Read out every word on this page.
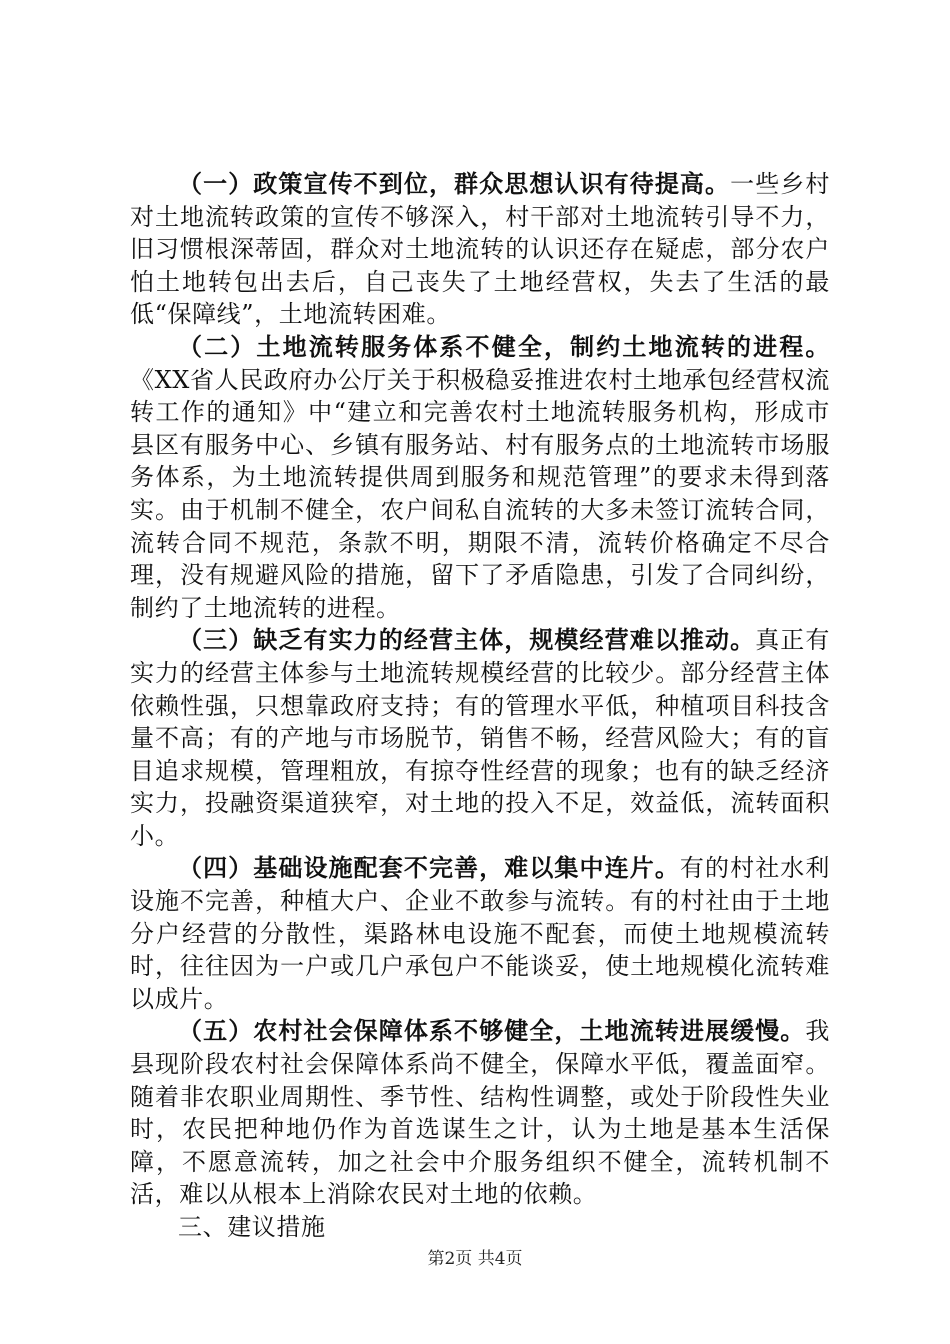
（一）政策宣传不到位，群众思想认识有待提高。一些乡村对土地流转政策的宣传不够深入，村干部对土地流转引导不力，旧习惯根深蒂固，群众对土地流转的认识还存在疑虑，部分农户怕土地转包出去后，自己丧失了土地经营权，失去了生活的最低“保障线”，土地流转困难。

（二）土地流转服务体系不健全，制约土地流转的进程。《XX省人民政府办公厅关于积极稳妥推进农村土地承包经营权流转工作的通知》中“建立和完善农村土地流转服务机构，形成市县区有服务中心、乡镇有服务站、村有服务点的土地流转市场服务体系，为土地流转提供周到服务和规范管理”的要求未得到落实。由于机制不健全，农户间私自流转的大多未签订流转合同，流转合同不规范，条款不明，期限不清，流转价格确定不尽合理，没有规避风险的措施，留下了矛盾隐患，引发了合同纠纷，制约了土地流转的进程。

（三）缺乏有实力的经营主体，规模经营难以推动。真正有实力的经营主体参与土地流转规模经营的比较少。部分经营主体依赖性强，只想靠政府支持；有的管理水平低，种植项目科技含量不高；有的产地与市场脱节，销售不畅，经营风险大；有的盲目追求规模，管理粗放，有掠夺性经营的现象；也有的缺乏经济实力，投融资渠道狭窄，对土地的投入不足，效益低，流转面积小。

（四）基础设施配套不完善，难以集中连片。有的村社水利设施不完善，种植大户、企业不敢参与流转。有的村社由于土地分户经营的分散性，渠路林电设施不配套，而使土地规模流转时，往往因为一户或几户承包户不能谈妥，使土地规模化流转难以成片。

（五）农村社会保障体系不够健全，土地流转进展缓慢。我县现阶段农村社会保障体系尚不健全，保障水平低，覆盖面窄。随着非农职业周期性、季节性、结构性调整，或处于阶段性失业时，农民把种地仍作为首选谋生之计，认为土地是基本生活保障，不愿意流转，加之社会中介服务组织不健全，流转机制不活，难以从根本上消除农民对土地的依赖。

三、建议措施

第2页 共4页
